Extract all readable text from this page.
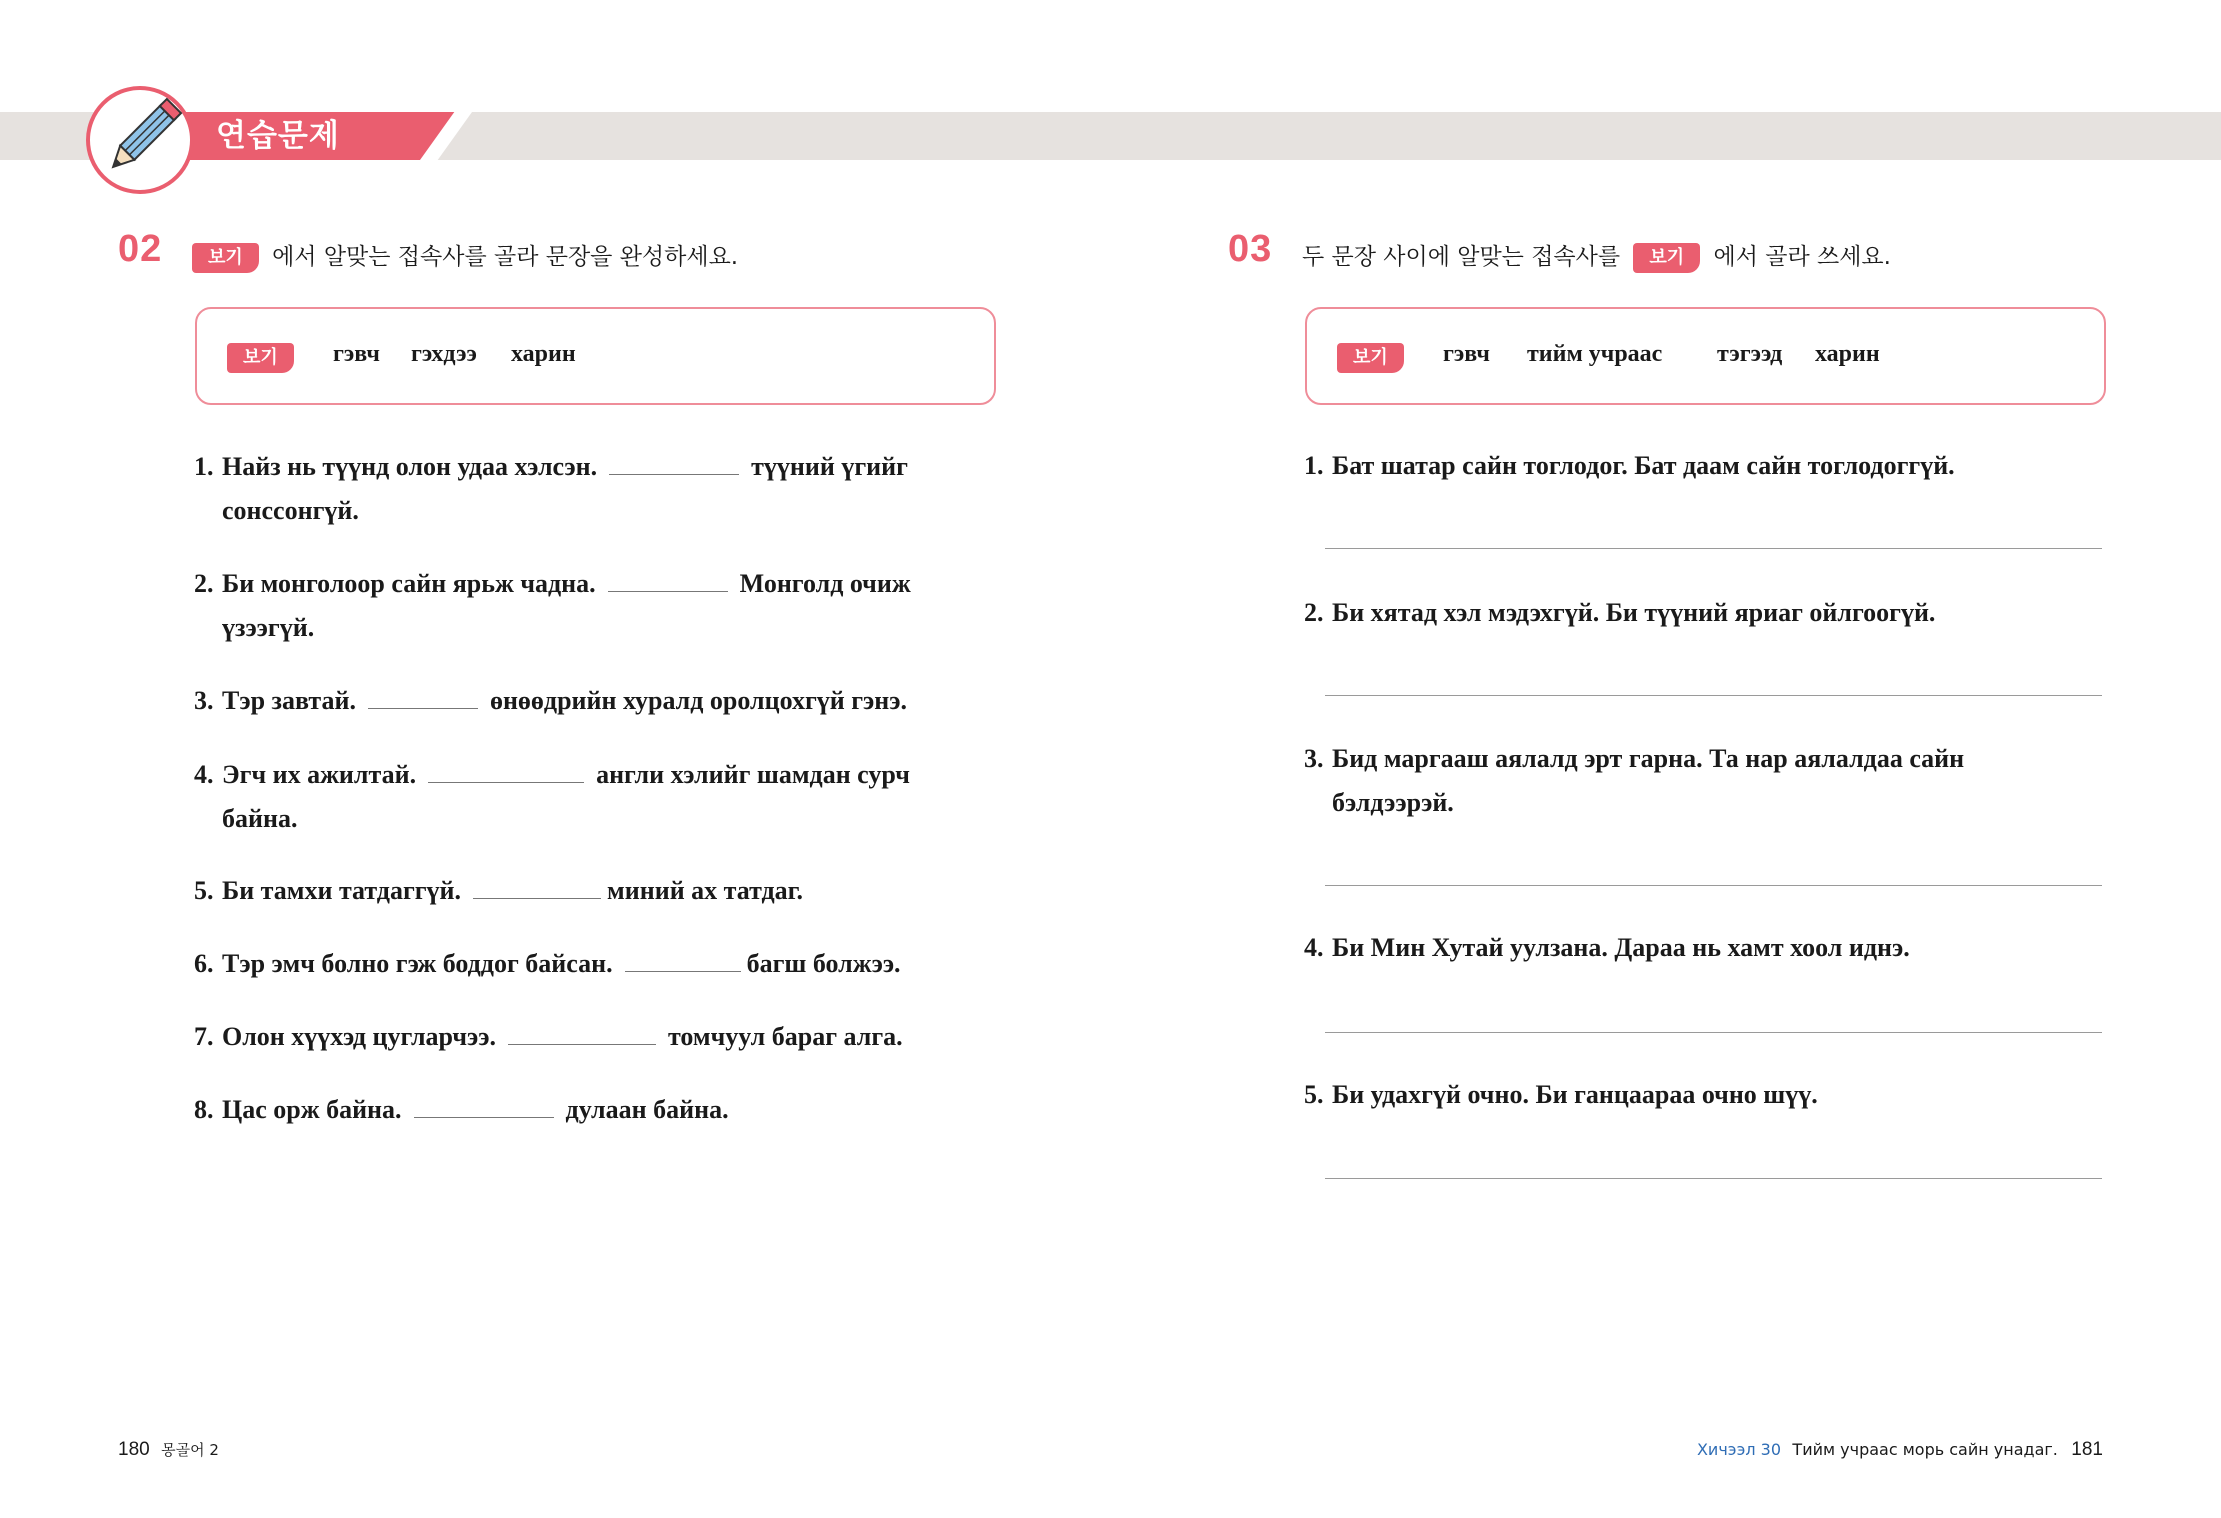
연습문제
02	보기 에서 알맞는 접속사를 골라 문장을 완성하세요.
보기	гэвч гэхдээ харин
1. Найз нь түүнд олон удаа хэлсэн.	түүний үгийг
сонссонгүй.
2. Би монголоор сайн ярьж чадна.	Монголд очиж
үзээгүй.
3. Тэр завтай.	өнөөдрийн хуралд оролцохгүй гэнэ.
4. Эгч их ажилтай.	англи хэлийг шамдан сурч
байна.
5. Би тамхи татдаггүй.	миний ах татдаг.
6. Тэр эмч болно гэж боддог байсан.	багш болжээ.
7. Олон хүүхэд цугларчээ.	томчуул бараг алга.
8. Цас орж байна.	дулаан байна.
03 두 문장 사이에 알맞는 접속사를 보기 에서 골라 쓰세요.
보기	гэвч тийм учраас тэгээд харин
1. Бат шатар сайн тоглодог. Бат даам сайн тоглодоггүй.
2. Би хятад хэл мэдэхгүй. Би түүний яриаг ойлгоогүй.
3. Бид маргааш аялалд эрт гарна. Та нар аялалдаа сайн
бэлдээрэй.
4. Би Мин Хутай уулзана. Дараа нь хамт хоол иднэ.
5. Би удахгүй очно. Би ганцаараа очно шүү.
180 몽골어 2	Хичээл 30 Тийм учраас морь сайн унадаг. 181
